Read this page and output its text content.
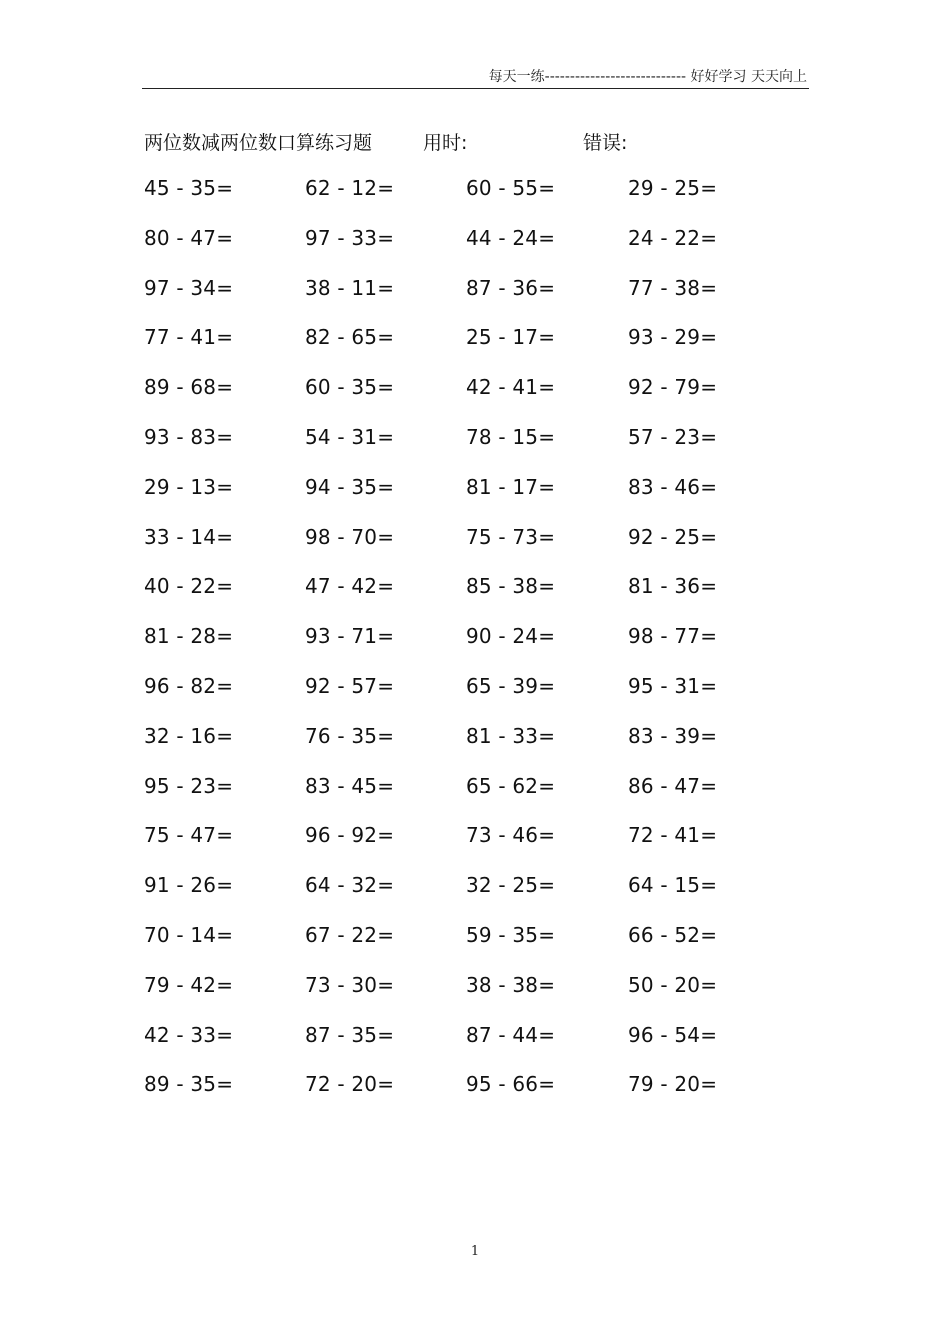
每天一练---------------------------- 好好学习 天天向上
两位数减两位数口算练习题	用时:	错误:
45 - 35=	62 - 12=	60 - 55=	29 - 25=
80 - 47=	97 - 33=	44 - 24=	24 - 22=
97 - 34=	38 - 11=	87 - 36=	77 - 38=
77 - 41=	82 - 65=	25 - 17=	93 - 29=
89 - 68=	60 - 35=	42 - 41=	92 - 79=
93 - 83=	54 - 31=	78 - 15=	57 - 23=
29 - 13=	94 - 35=	81 - 17=	83 - 46=
33 - 14=	98 - 70=	75 - 73=	92 - 25=
40 - 22=	47 - 42=	85 - 38=	81 - 36=
81 - 28=	93 - 71=	90 - 24=	98 - 77=
96 - 82=	92 - 57=	65 - 39=	95 - 31=
32 - 16=	76 - 35=	81 - 33=	83 - 39=
95 - 23=	83 - 45=	65 - 62=	86 - 47=
75 - 47=	96 - 92=	73 - 46=	72 - 41=
91 - 26=	64 - 32=	32 - 25=	64 - 15=
70 - 14=	67 - 22=	59 - 35=	66 - 52=
79 - 42=	73 - 30=	38 - 38=	50 - 20=
42 - 33=	87 - 35=	87 - 44=	96 - 54=
89 - 35=	72 - 20=	95 - 66=	79 - 20=
1
